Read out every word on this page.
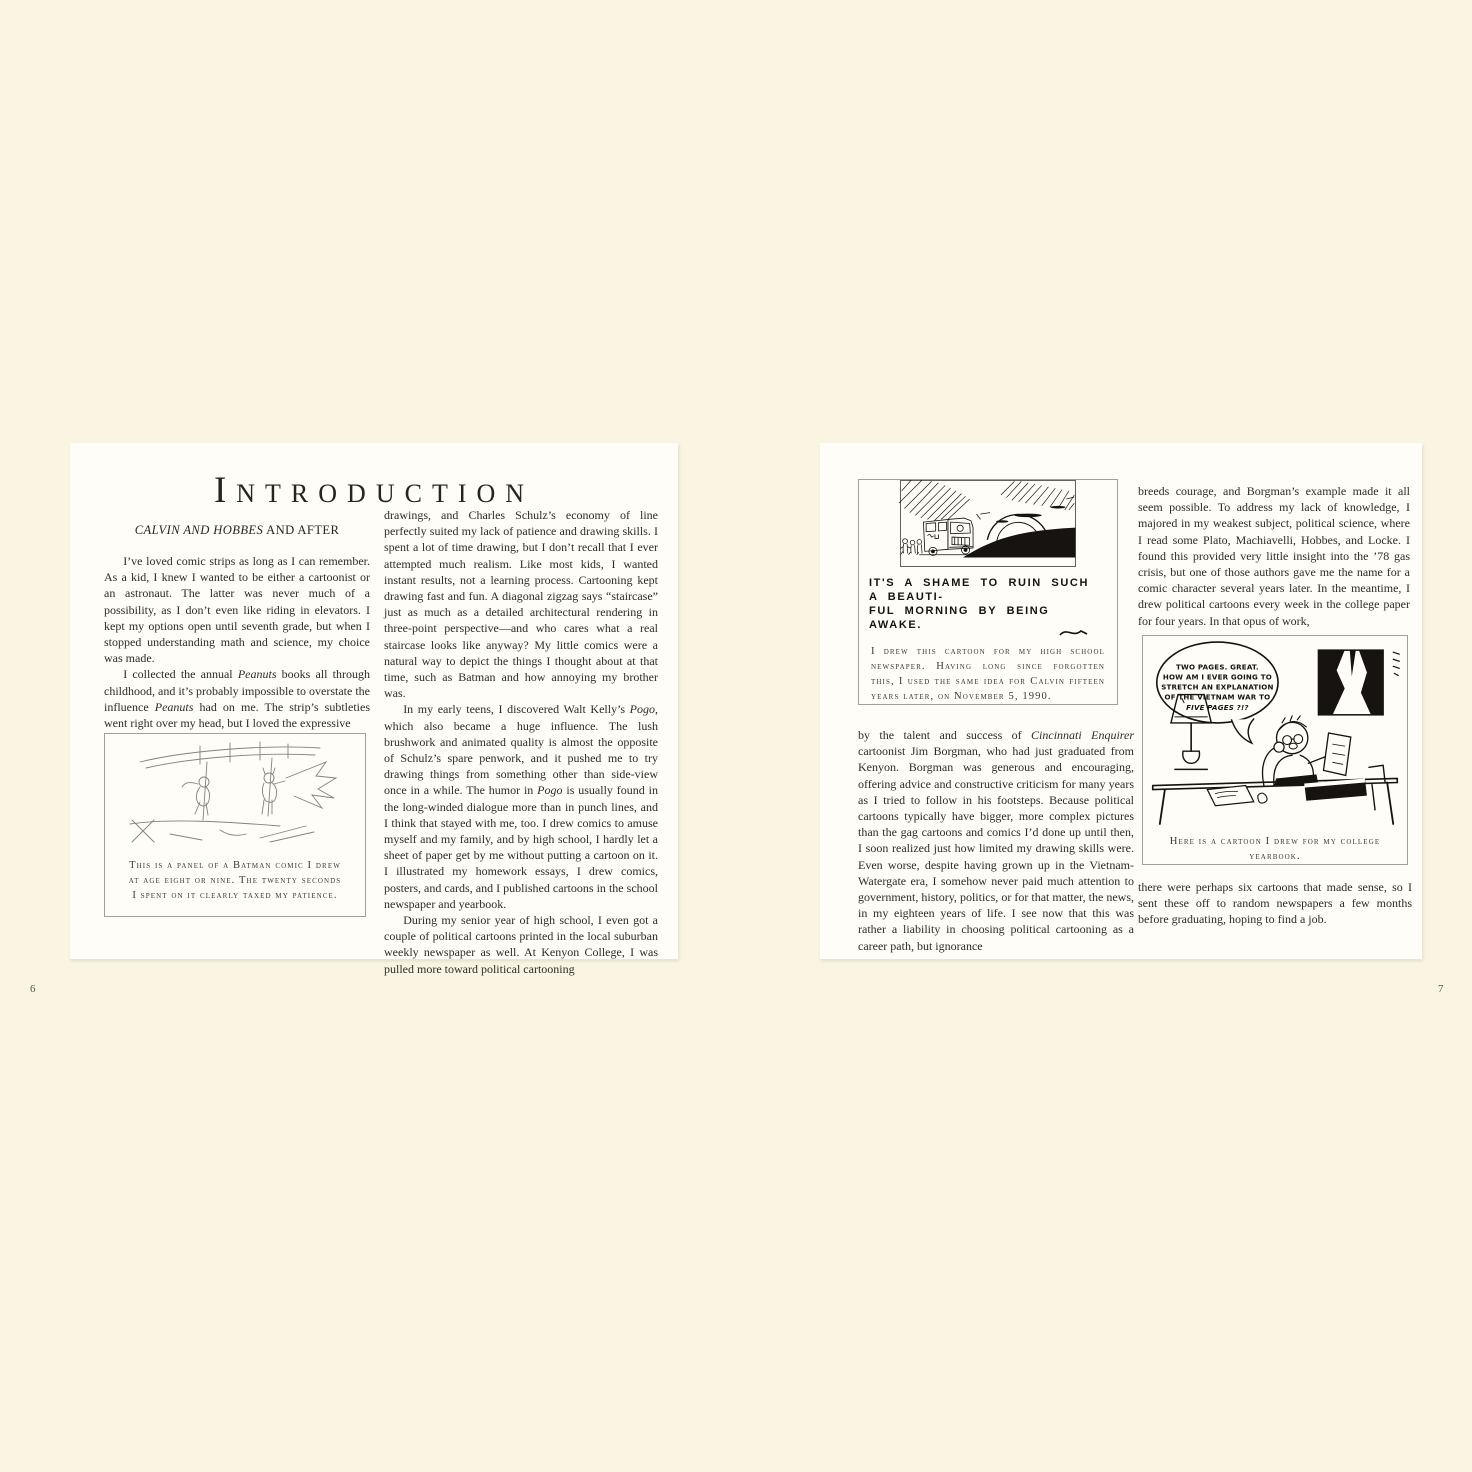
Introduction
CALVIN AND HOBBES AND AFTER

I’ve loved comic strips as long as I can remember. As a kid, I knew I wanted to be either a cartoonist or an astronaut. The latter was never much of a possibility, as I don’t even like riding in elevators. I kept my options open until seventh grade, but when I stopped understanding math and science, my choice was made.

I collected the annual Peanuts books all through childhood, and it’s probably impossible to overstate the influence Peanuts had on me. The strip’s subtleties went right over my head, but I loved the expressive

This is a panel of a Batman comic I drew at age eight or nine. The twenty seconds I spent on it clearly taxed my patience.

drawings, and Charles Schulz’s economy of line perfectly suited my lack of patience and drawing skills. I spent a lot of time drawing, but I don’t recall that I ever attempted much realism. Like most kids, I wanted instant results, not a learning process. Cartooning kept drawing fast and fun. A diagonal zigzag says “staircase” just as much as a detailed architectural rendering in three-point perspective—and who cares what a real staircase looks like anyway? My little comics were a natural way to depict the things I thought about at that time, such as Batman and how annoying my brother was.

In my early teens, I discovered Walt Kelly’s Pogo, which also became a huge influence. The lush brushwork and animated quality is almost the opposite of Schulz’s spare penwork, and it pushed me to try drawing things from something other than side-view once in a while. The humor in Pogo is usually found in the long-winded dialogue more than in punch lines, and I think that stayed with me, too. I drew comics to amuse myself and my family, and by high school, I hardly let a sheet of paper get by me without putting a cartoon on it. I illustrated my homework essays, I drew comics, posters, and cards, and I published cartoons in the school newspaper and yearbook.

During my senior year of high school, I even got a couple of political cartoons printed in the local suburban weekly newspaper as well. At Kenyon College, I was pulled more toward political cartooning

IT'S A SHAME TO RUIN SUCH A BEAUTI-
FUL MORNING BY BEING AWAKE.
I drew this cartoon for my high school newspaper. Having long since forgotten this, I used the same idea for Calvin fifteen years later, on November 5, 1990.

by the talent and success of Cincinnati Enquirer cartoonist Jim Borgman, who had just graduated from Kenyon. Borgman was generous and encouraging, offering advice and constructive criticism for many years as I tried to follow in his footsteps. Because political cartoons typically have bigger, more complex pictures than the gag cartoons and comics I’d done up until then, I soon realized just how limited my drawing skills were. Even worse, despite having grown up in the Vietnam-Watergate era, I somehow never paid much attention to government, history, politics, or for that matter, the news, in my eighteen years of life. I see now that this was rather a liability in choosing political cartooning as a career path, but ignorance

breeds courage, and Borgman’s example made it all seem possible. To address my lack of knowledge, I majored in my weakest subject, political science, where I read some Plato, Machiavelli, Hobbes, and Locke. I found this provided very little insight into the ’78 gas crisis, but one of those authors gave me the name for a comic character several years later. In the meantime, I drew political cartoons every week in the college paper for four years. In that opus of work,

TWO PAGES. GREAT.
HOW AM I EVER GOING TO
STRETCH AN EXPLANATION
OF THE VIETNAM WAR TO
FIVE PAGES ?!?
Here is a cartoon I drew for my college yearbook.

there were perhaps six cartoons that made sense, so I sent these off to random newspapers a few months before graduating, hoping to find a job.

6	7
